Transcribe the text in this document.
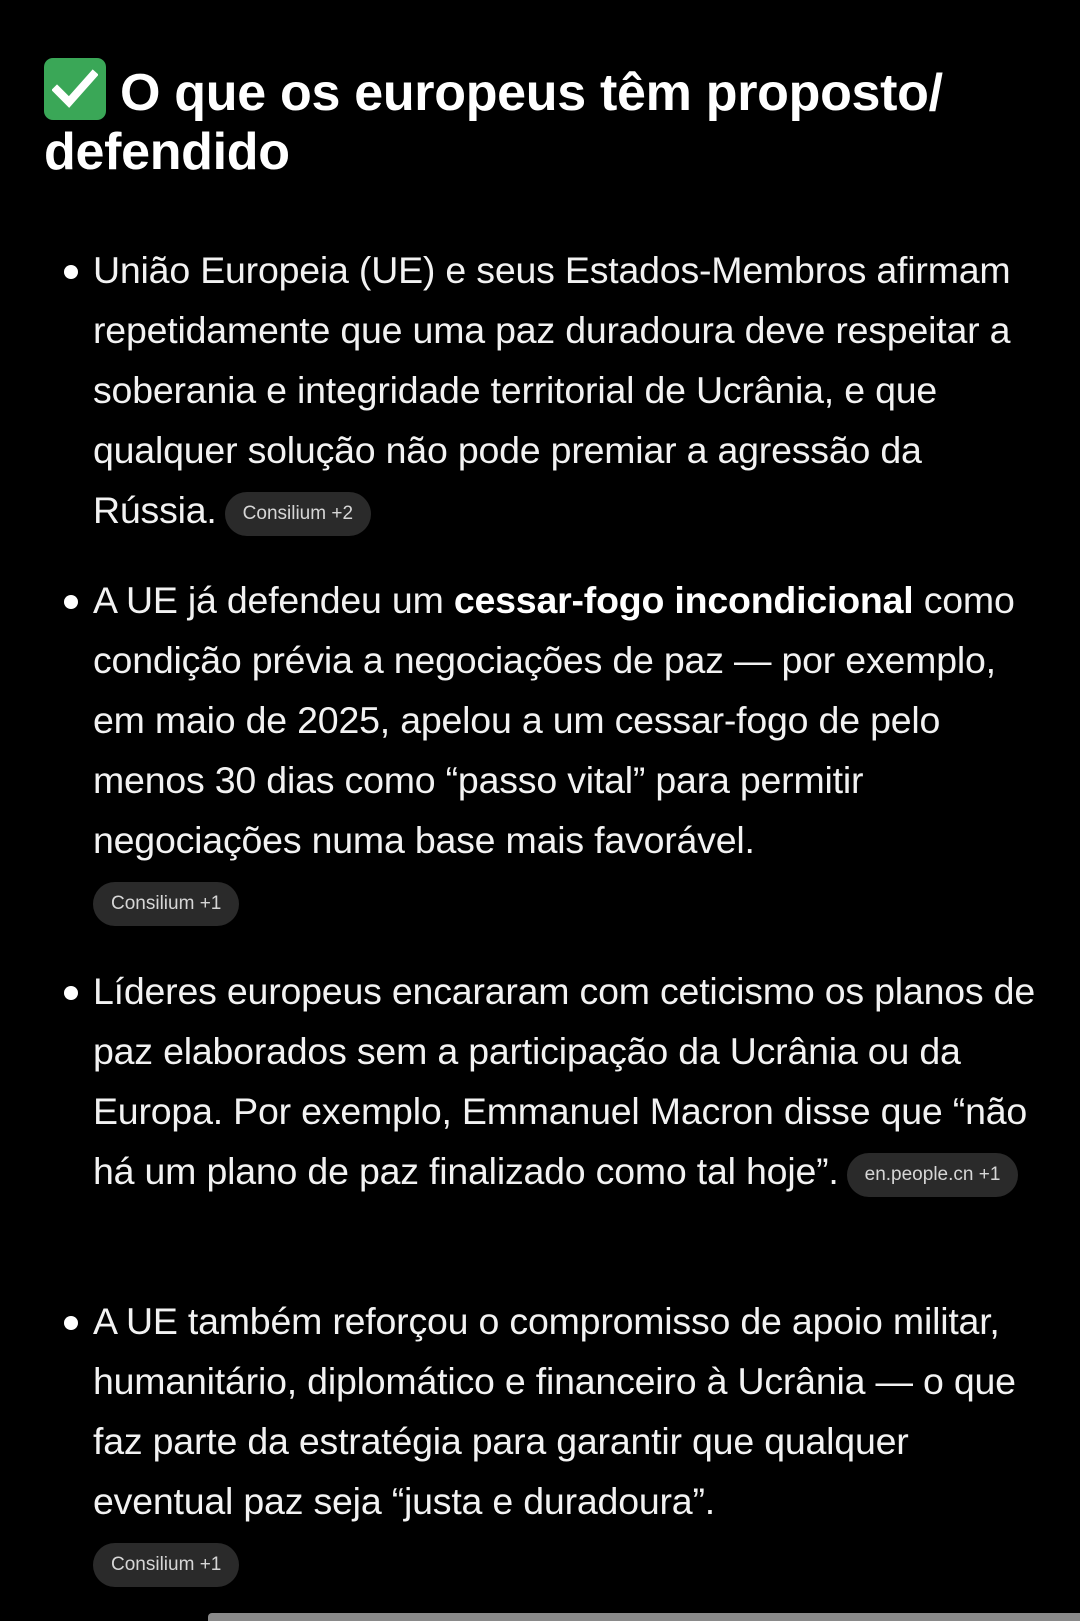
O que os europeus têm proposto/ defendido
União Europeia (UE) e seus Estados-Membros afirmam repetidamente que uma paz duradoura deve respeitar a soberania e integridade territorial de Ucrânia, e que qualquer solução não pode premiar a agressão da Rússia. Consilium +2
A UE já defendeu um cessar-fogo incondicional como condição prévia a negociações de paz — por exemplo, em maio de 2025, apelou a um cessar-fogo de pelo menos 30 dias como “passo vital” para permitir negociações numa base mais favorável.
Consilium +1
Líderes europeus encararam com ceticismo os planos de paz elaborados sem a participação da Ucrânia ou da Europa. Por exemplo, Emmanuel Macron disse que “não há um plano de paz finalizado como tal hoje”. en.people.cn +1
A UE também reforçou o compromisso de apoio militar, humanitário, diplomático e financeiro à Ucrânia — o que faz parte da estratégia para garantir que qualquer eventual paz seja “justa e duradoura”.
Consilium +1
